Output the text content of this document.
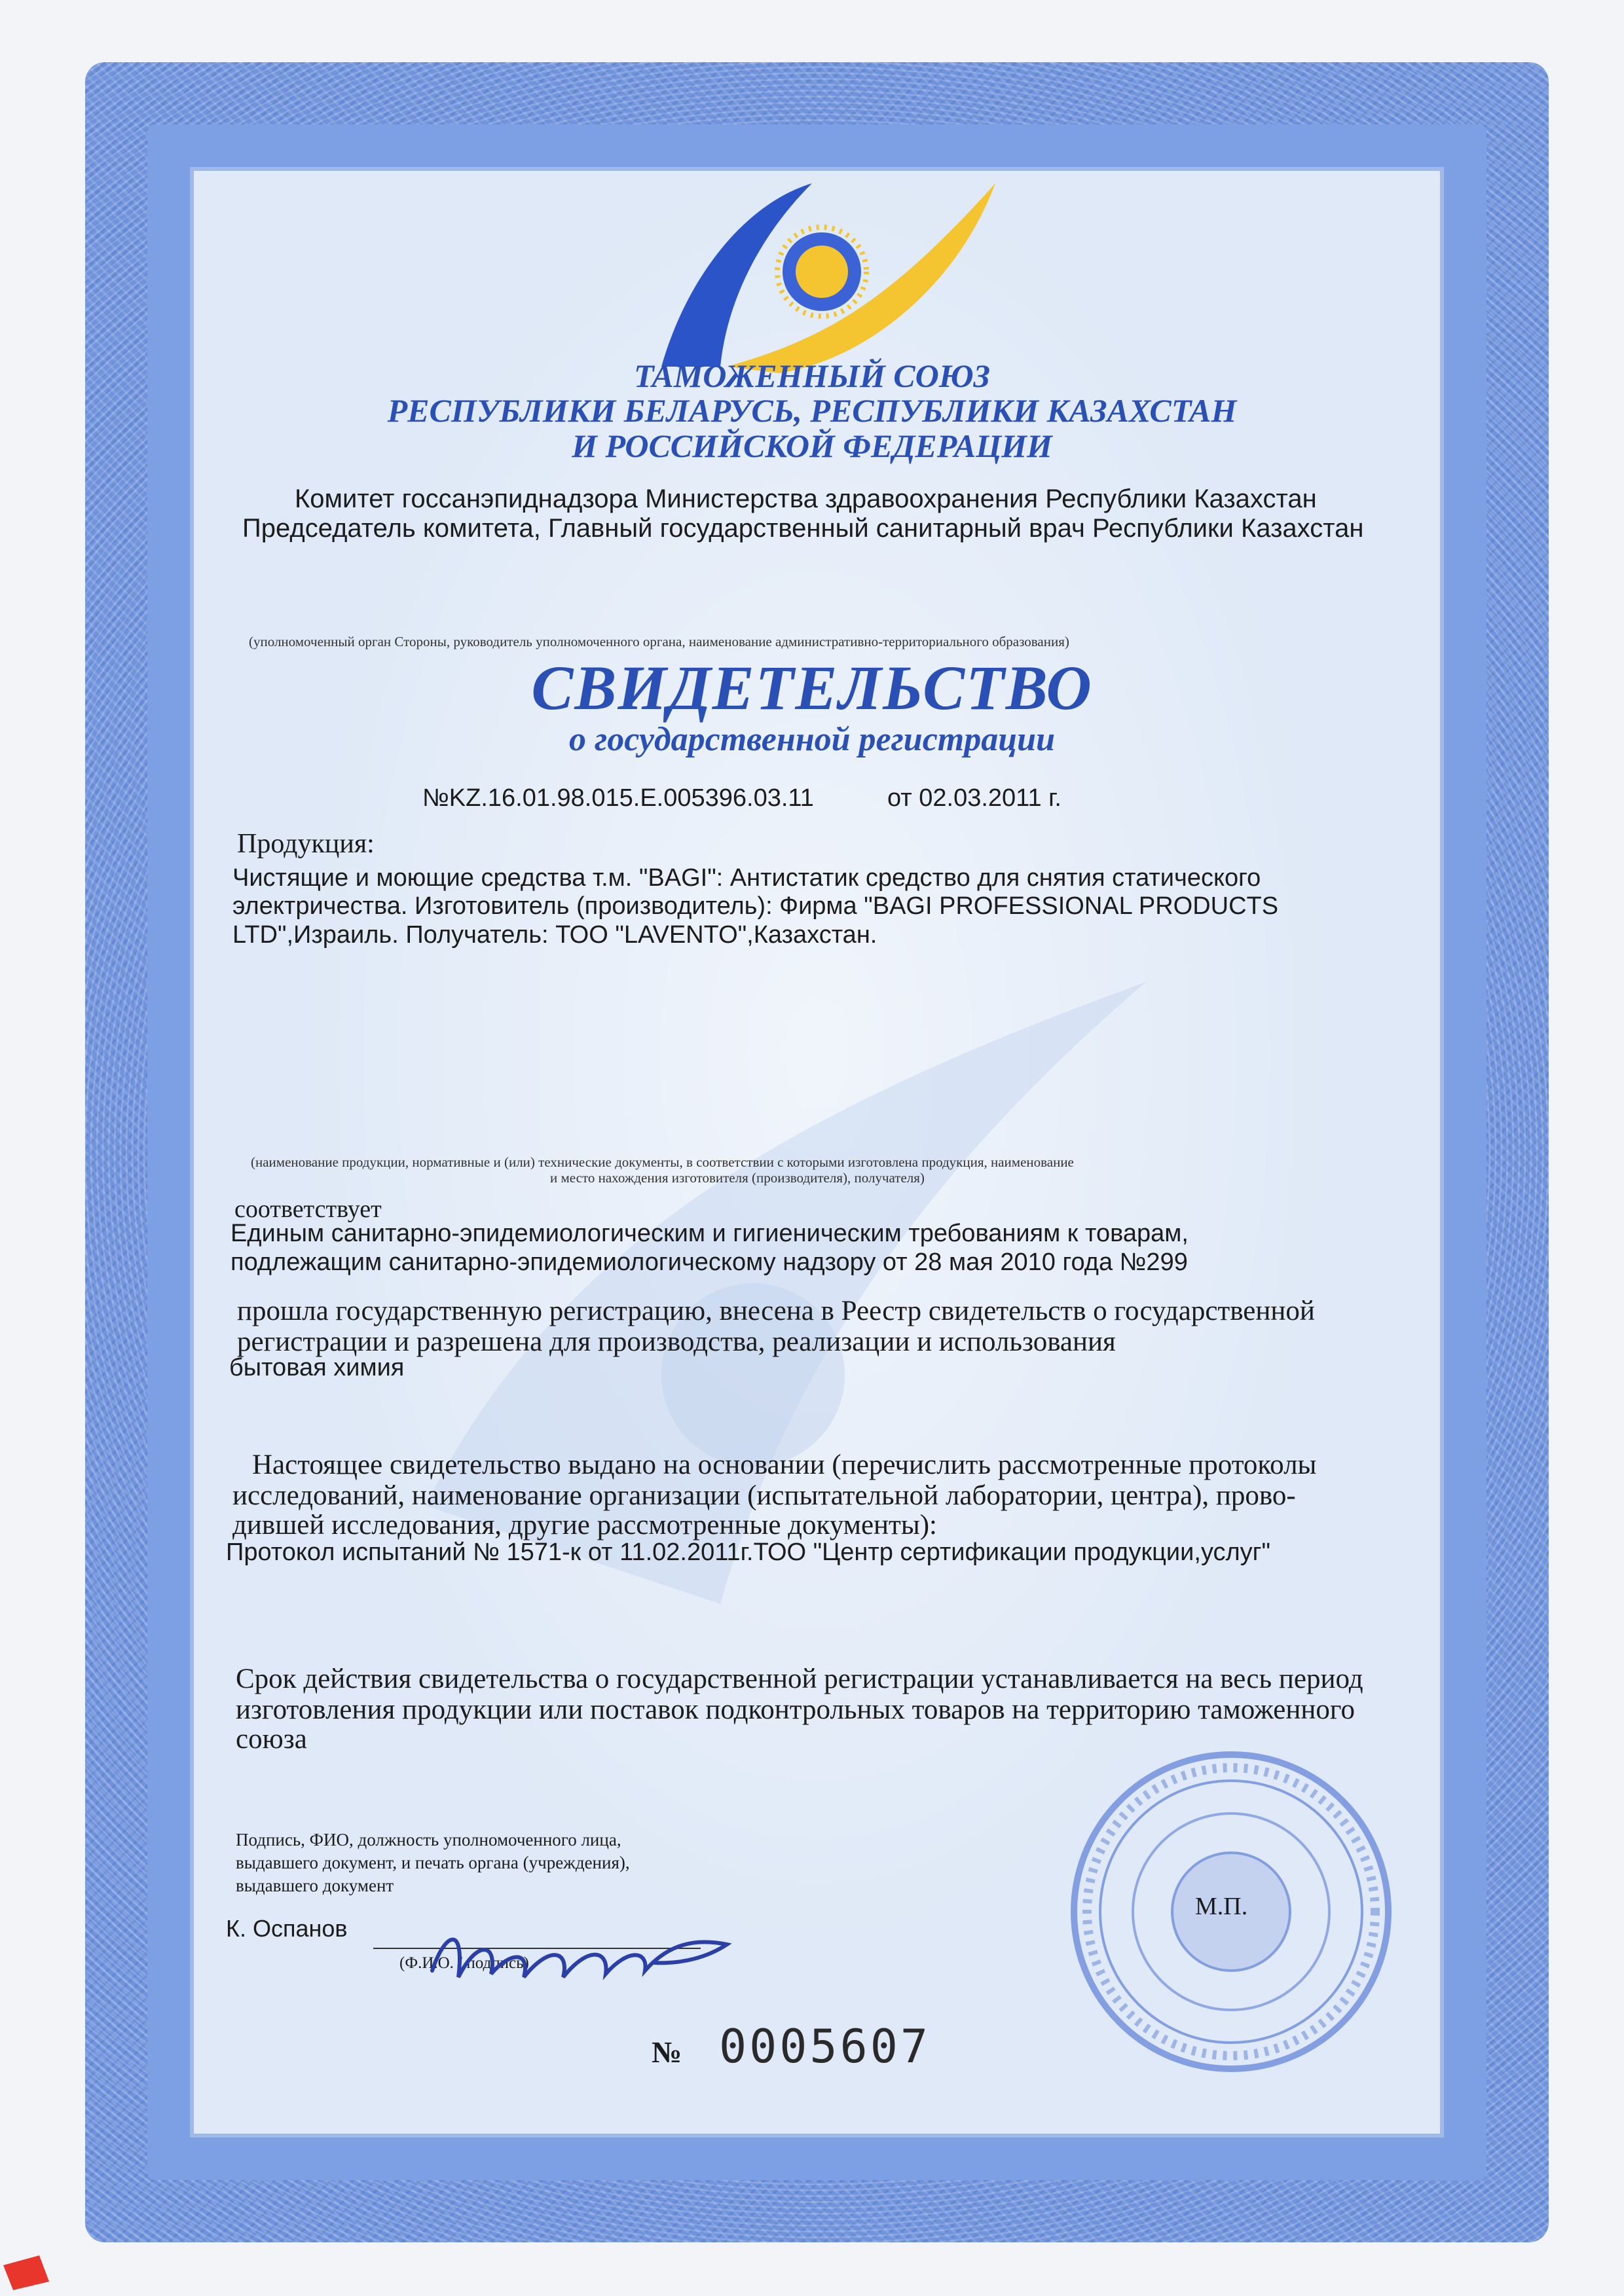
ТАМОЖЕННЫЙ СОЮЗ
РЕСПУБЛИКИ БЕЛАРУСЬ, РЕСПУБЛИКИ КАЗАХСТАН
И РОССИЙСКОЙ ФЕДЕРАЦИИ
Комитет госсанэпиднадзора Министерства здравоохранения Республики Казахстан
Председатель комитета, Главный государственный санитарный врач Республики Казахстан
(уполномоченный орган Стороны, руководитель уполномоченного органа, наименование административно-территориального образования)
СВИДЕТЕЛЬСТВО
о государственной регистрации
№KZ.16.01.98.015.E.005396.03.11	от 02.03.2011 г.
Продукция:
Чистящие и моющие средства т.м. "BAGI": Антистатик средство для снятия статического
электричества. Изготовитель (производитель): Фирма "BAGI PROFESSIONAL PRODUCTS
LTD",Израиль. Получатель: ТОО "LAVENTO",Казахстан.
(наименование продукции, нормативные и (или) технические документы, в соответствии с которыми изготовлена продукция, наименование
и место нахождения изготовителя (производителя), получателя)
соответствует
Единым санитарно-эпидемиологическим и гигиеническим требованиям к товарам,
подлежащим санитарно-эпидемиологическому надзору от 28 мая 2010 года №299
прошла государственную регистрацию, внесена в Реестр свидетельств о государственной
регистрации и разрешена для производства, реализации и использования
бытовая химия
Настоящее свидетельство выдано на основании (перечислить рассмотренные протоколы
исследований, наименование организации (испытательной лаборатории, центра), прово-
дившей исследования, другие рассмотренные документы):
Протокол испытаний № 1571-к от 11.02.2011г.ТОО "Центр сертификации продукции,услуг"
Срок действия свидетельства о государственной регистрации устанавливается на весь период
изготовления продукции или поставок подконтрольных товаров на территорию таможенного
союза
Подпись, ФИО, должность уполномоченного лица,
выдавшего документ, и печать органа (учреждения),
выдавшего документ
К. Оспанов
(Ф.И.О. / подпись)
М.П.
№ 0005607
